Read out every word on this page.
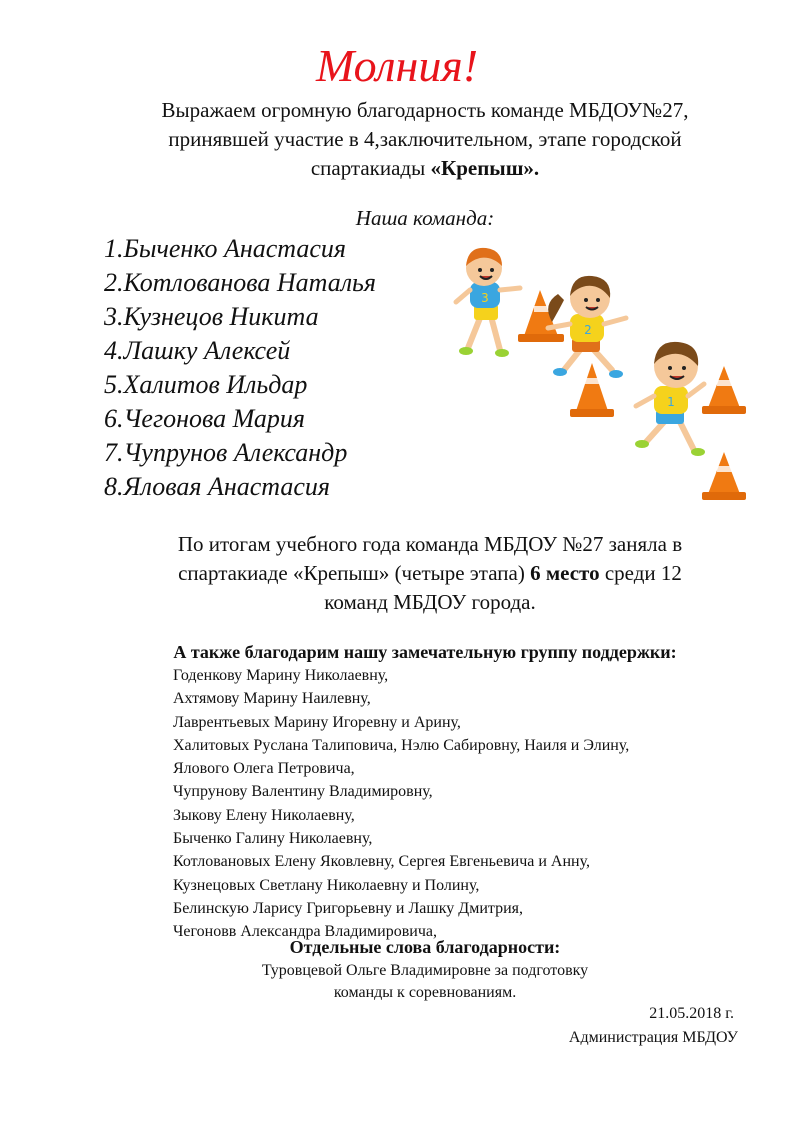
Молния!
Выражаем огромную благодарность команде МБДОУ№27,
принявшей участие в 4,заключительном, этапе городской
спартакиады «Крепыш».
Наша команда:
1.Быченко Анастасия
2.Котлованова Наталья
3.Кузнецов Никита
4.Лашку Алексей
5.Халитов Ильдар
6.Чегонова Мария
7.Чупрунов Александр
8.Яловая Анастасия
3
2
1
По итогам учебного года команда МБДОУ №27 заняла в
спартакиаде «Крепыш» (четыре этапа) 6 место среди 12
команд МБДОУ города.
А также благодарим нашу замечательную группу поддержки:
Годенкову Марину Николаевну,
Ахтямову Марину Наилевну,
Лаврентьевых Марину Игоревну и Арину,
Халитовых Руслана Талиповича, Нэлю Сабировну, Наиля и Элину,
Ялового Олега Петровича,
Чупрунову Валентину Владимировну,
Зыкову Елену Николаевну,
Быченко Галину Николаевну,
Котловановых Елену Яковлевну, Сергея Евгеньевича и Анну,
Кузнецовых Светлану Николаевну и Полину,
Белинскую Ларису Григорьевну и Лашку Дмитрия,
Чегоновв Александра Владимировича,
Отдельные слова благодарности:
Туровцевой Ольге Владимировне за подготовку
команды к соревнованиям.
21.05.2018 г.
Администрация МБДОУ
